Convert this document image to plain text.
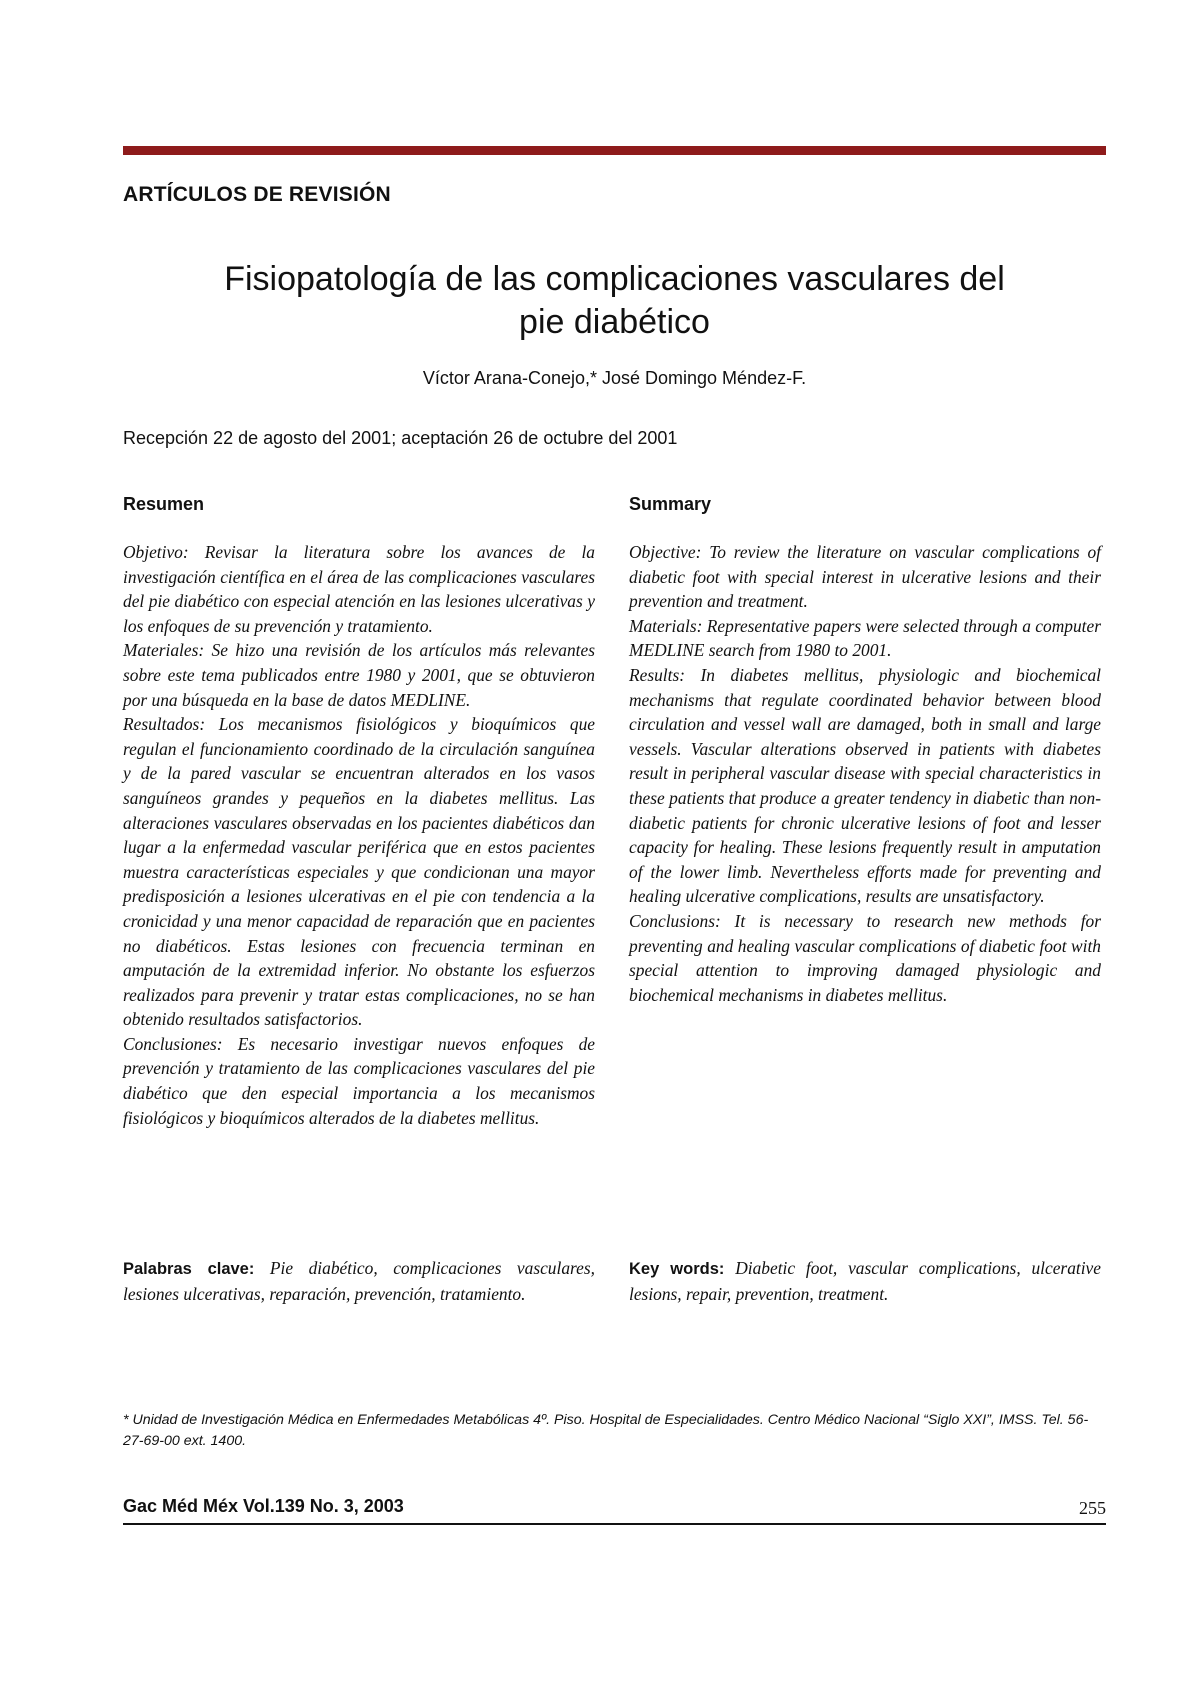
ARTÍCULOS DE REVISIÓN
Fisiopatología de las complicaciones vasculares del
pie diabético
Víctor Arana-Conejo,* José Domingo Méndez-F.
Recepción 22 de agosto del 2001; aceptación 26 de octubre del 2001
Resumen

Objetivo: Revisar la literatura sobre los avances de la investigación científica en el área de las complicaciones vasculares del pie diabético con especial atención en las lesiones ulcerativas y los enfoques de su prevención y tratamiento.

Materiales: Se hizo una revisión de los artículos más relevantes sobre este tema publicados entre 1980 y 2001, que se obtuvieron por una búsqueda en la base de datos MEDLINE.

Resultados: Los mecanismos fisiológicos y bioquímicos que regulan el funcionamiento coordinado de la circulación sanguínea y de la pared vascular se encuentran alterados en los vasos sanguíneos grandes y pequeños en la diabetes mellitus. Las alteraciones vasculares observadas en los pacientes diabéticos dan lugar a la enfermedad vascular periférica que en estos pacientes muestra características especiales y que condicionan una mayor predisposición a lesiones ulcerativas en el pie con tendencia a la cronicidad y una menor capacidad de reparación que en pacientes no diabéticos. Estas lesiones con frecuencia terminan en amputación de la extremidad inferior. No obstante los esfuerzos realizados para prevenir y tratar estas complicaciones, no se han obtenido resultados satisfactorios.

Conclusiones: Es necesario investigar nuevos enfoques de prevención y tratamiento de las complicaciones vasculares del pie diabético que den especial importancia a los mecanismos fisiológicos y bioquímicos alterados de la diabetes mellitus.

Palabras clave: Pie diabético, complicaciones vasculares, lesiones ulcerativas, reparación, prevención, tratamiento.
Summary

Objective: To review the literature on vascular complications of diabetic foot with special interest in ulcerative lesions and their prevention and treatment.

Materials: Representative papers were selected through a computer MEDLINE search from 1980 to 2001.

Results: In diabetes mellitus, physiologic and biochemical mechanisms that regulate coordinated behavior between blood circulation and vessel wall are damaged, both in small and large vessels. Vascular alterations observed in patients with diabetes result in peripheral vascular disease with special characteristics in these patients that produce a greater tendency in diabetic than non-diabetic patients for chronic ulcerative lesions of foot and lesser capacity for healing. These lesions frequently result in amputation of the lower limb. Nevertheless efforts made for preventing and healing ulcerative complications, results are unsatisfactory.

Conclusions: It is necessary to research new methods for preventing and healing vascular complications of diabetic foot with special attention to improving damaged physiologic and biochemical mechanisms in diabetes mellitus.

Key words: Diabetic foot, vascular complications, ulcerative lesions, repair, prevention, treatment.
* Unidad de Investigación Médica en Enfermedades Metabólicas 4º. Piso. Hospital de Especialidades. Centro Médico Nacional “Siglo XXI”, IMSS. Tel. 56-27-69-00 ext. 1400.
Gac Méd Méx Vol.139 No. 3, 2003	255
